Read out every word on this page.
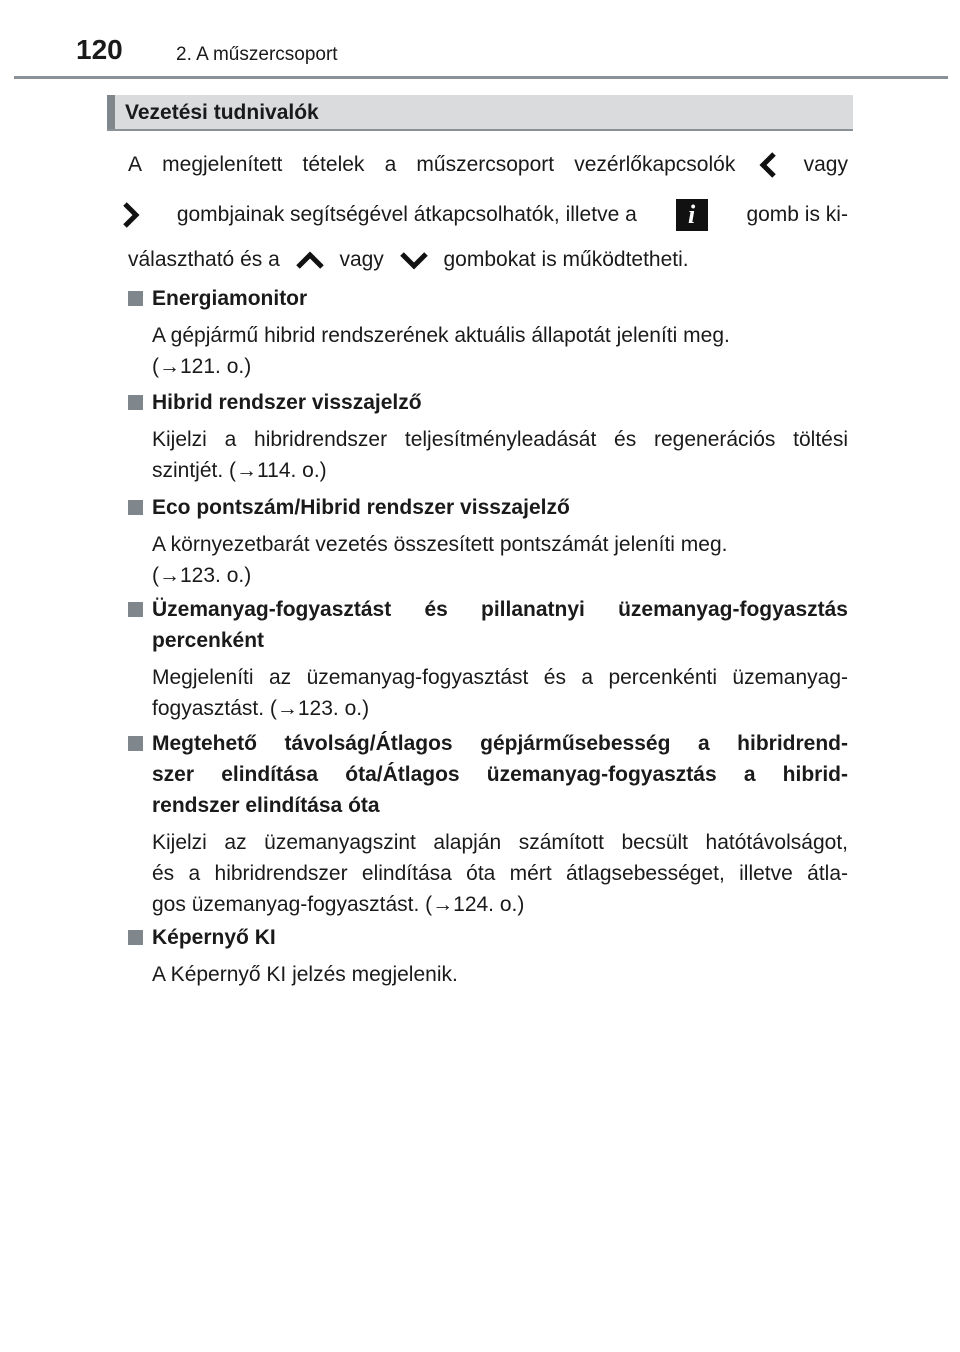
120	2. A műszercsoport
Vezetési tudnivalók
A megjelenített tételek a műszercsoport vezérlőkapcsolók	vagy
gombjainak segítségével átkapcsolhatók, illetve a	i	gomb is ki-
választható és a	vagy	gombokat is működtetheti.
Energiamonitor
A gépjármű hibrid rendszerének aktuális állapotát jeleníti meg.
(→121. o.)
Hibrid rendszer visszajelző
Kijelzi a hibridrendszer teljesítményleadását és regenerációs töltési
szintjét. (→114. o.)
Eco pontszám/Hibrid rendszer visszajelző
A környezetbarát vezetés összesített pontszámát jeleníti meg.
(→123. o.)
Üzemanyag-fogyasztást és pillanatnyi üzemanyag-fogyasztás
percenként
Megjeleníti az üzemanyag-fogyasztást és a percenkénti üzemanyag-
fogyasztást. (→123. o.)
Megtehető távolság/Átlagos gépjárműsebesség a hibridrend-
szer elindítása óta/Átlagos üzemanyag-fogyasztás a hibrid-
rendszer elindítása óta
Kijelzi az üzemanyagszint alapján számított becsült hatótávolságot,
és a hibridrendszer elindítása óta mért átlagsebességet, illetve átla-
gos üzemanyag-fogyasztást. (→124. o.)
Képernyő KI
A Képernyő KI jelzés megjelenik.
